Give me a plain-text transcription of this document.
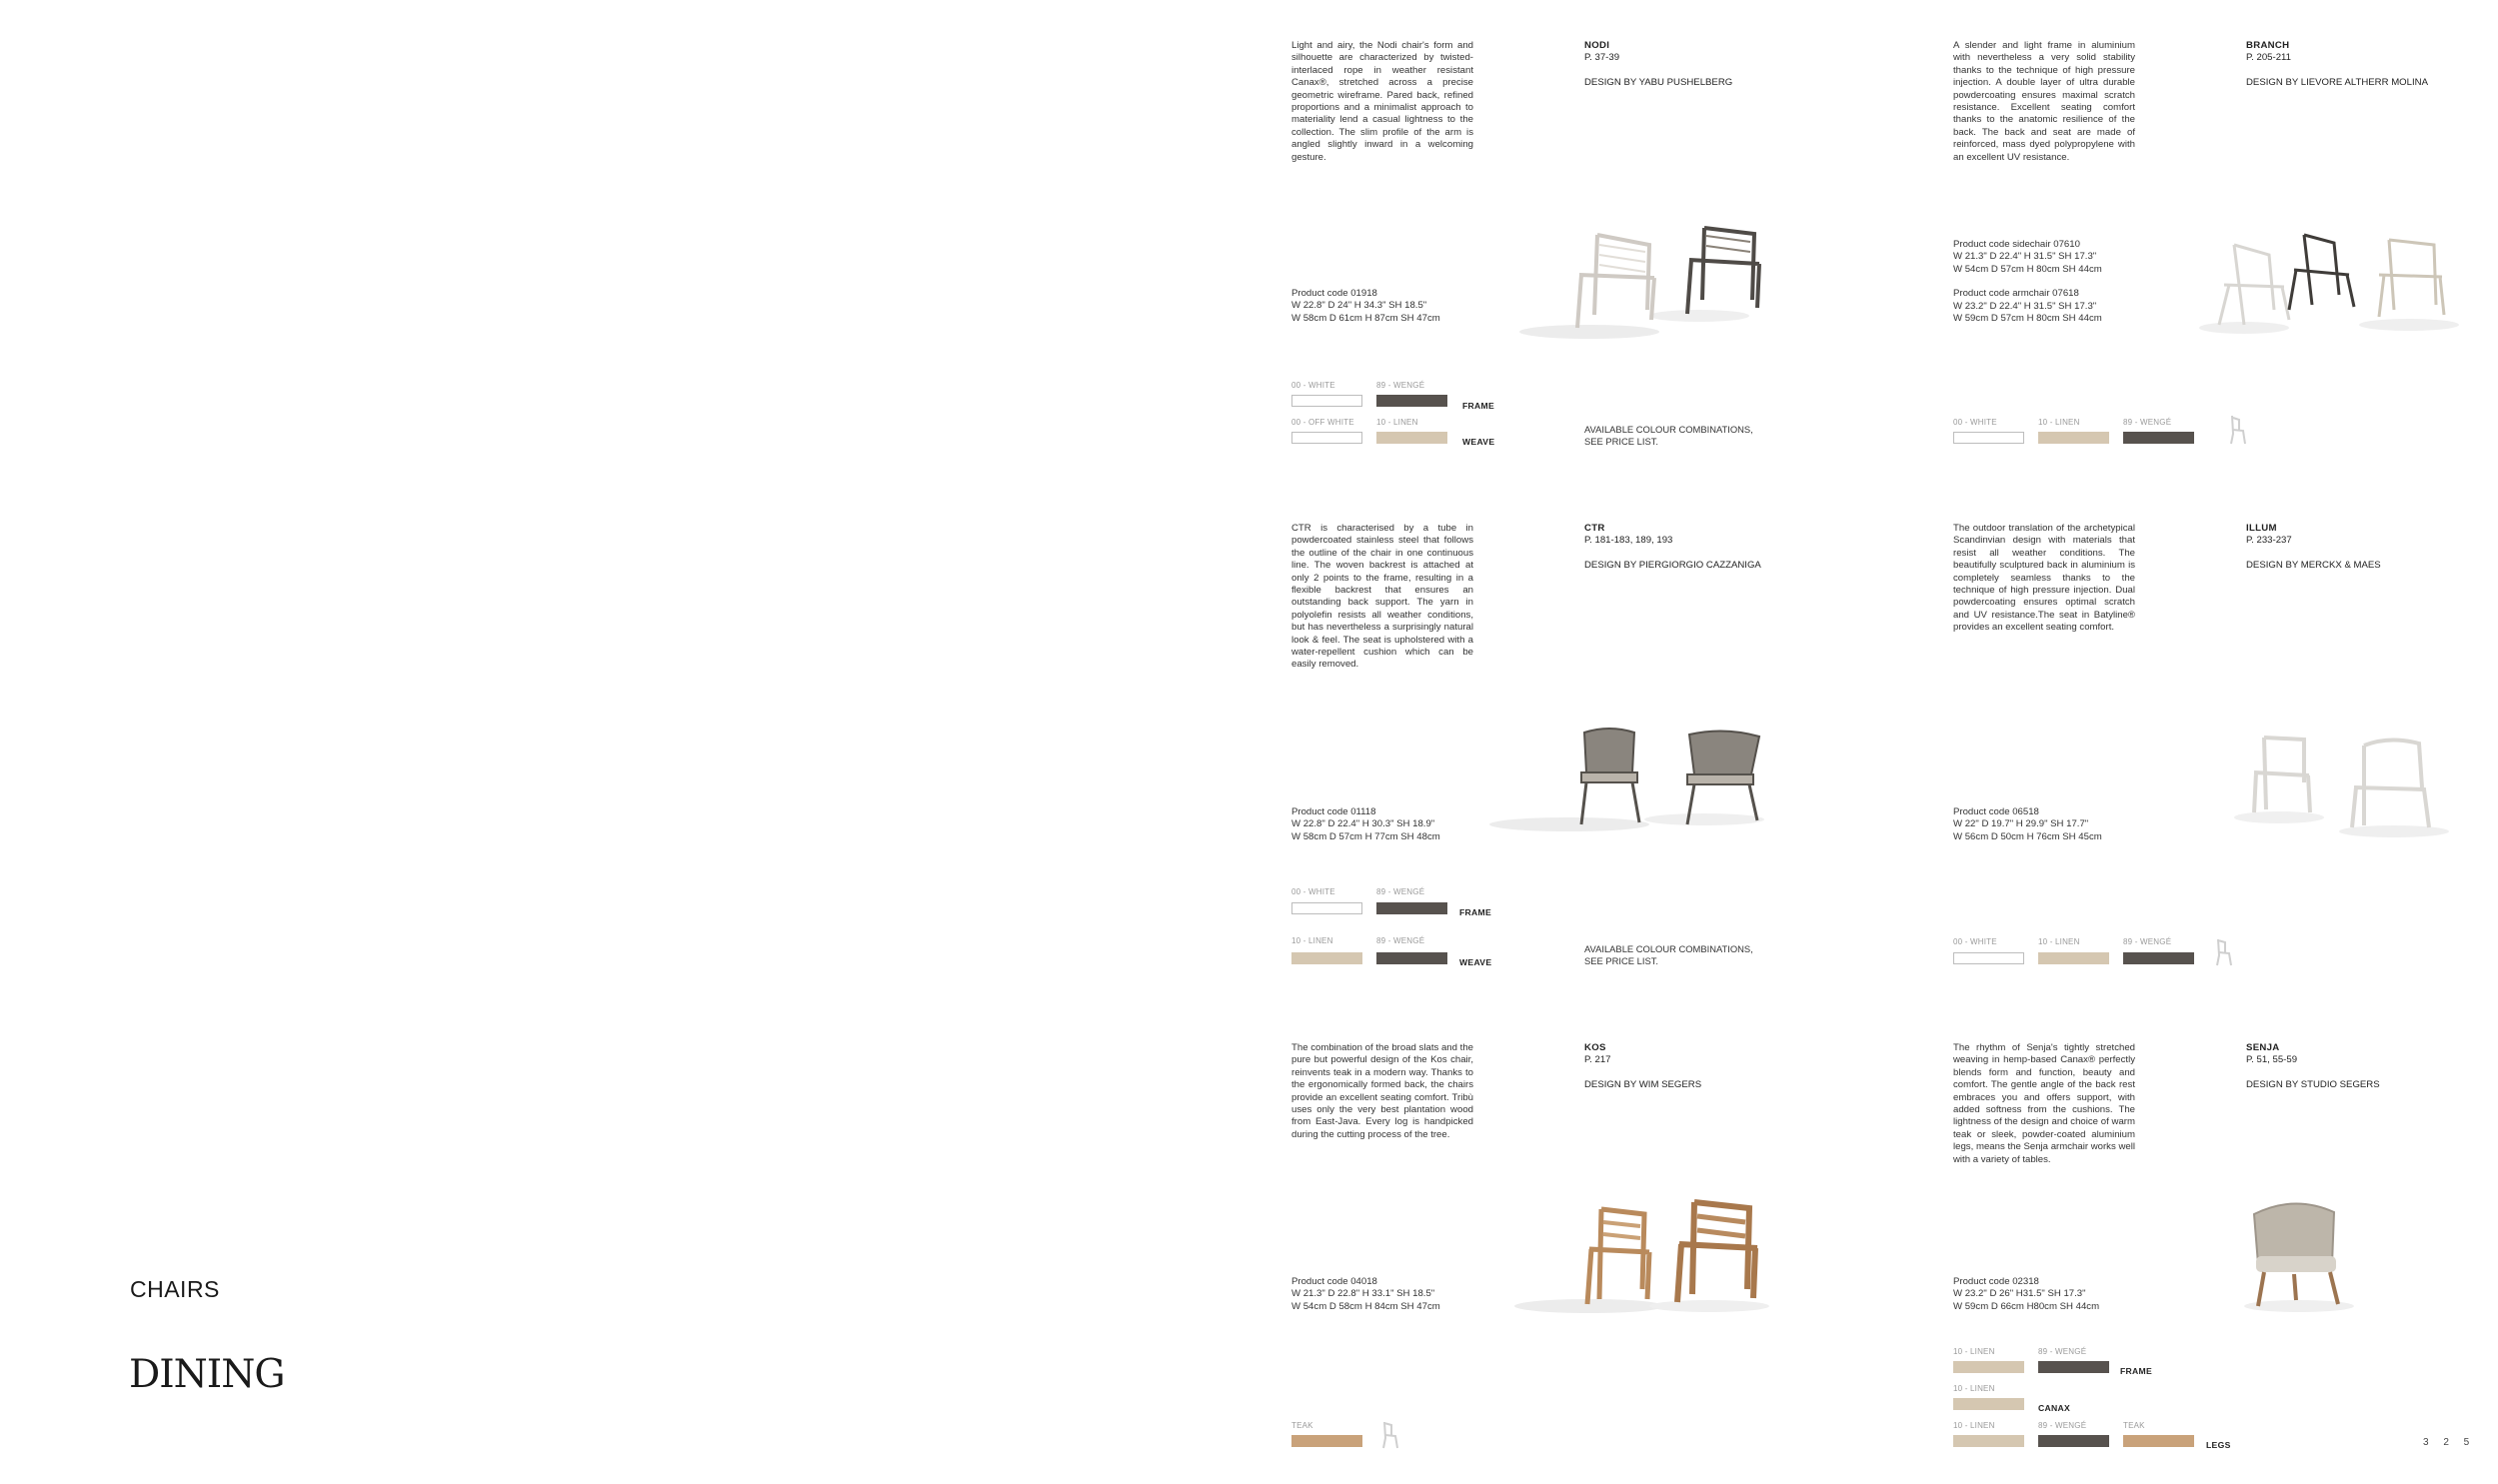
CHAIRS
DINING
Light and airy, the Nodi chair's form and silhouette are characterized by twisted-interlaced rope in weather resistant Canax®, stretched across a precise geometric wireframe. Pared back, refined proportions and a minimalist approach to materiality lend a casual lightness to the collection. The slim profile of the arm is angled slightly inward in a welcoming gesture.
NODI
P. 37-39

DESIGN BY YABU PUSHELBERG
Product code 01918
W 22.8" D 24" H 34.3" SH 18.5"
W 58cm D 61cm H 87cm SH 47cm
00 - WHITE	89 - WENGÉ
FRAME
00 - OFF WHITE	10 - LINEN
WEAVE
AVAILABLE COLOUR COMBINATIONS,
SEE PRICE LIST.
A slender and light frame in aluminium with nevertheless a very solid stability thanks to the technique of high pressure injection. A double layer of ultra durable powdercoating ensures maximal scratch resistance. Excellent seating comfort thanks to the anatomic resilience of the back. The back and seat are made of reinforced, mass dyed polypropylene with an excellent UV resistance.
BRANCH
P. 205-211

DESIGN BY LIEVORE ALTHERR MOLINA
Product code sidechair 07610
W 21.3" D 22.4" H 31.5" SH 17.3"
W 54cm D 57cm H 80cm SH 44cm
Product code armchair 07618
W 23.2" D 22.4" H 31.5" SH 17.3"
W 59cm D 57cm H 80cm SH 44cm
00 - WHITE	10 - LINEN	89 - WENGÉ
CTR is characterised by a tube in powdercoated stainless steel that follows the outline of the chair in one continuous line. The woven backrest is attached at only 2 points to the frame, resulting in a flexible backrest that ensures an outstanding back support. The yarn in polyolefin resists all weather conditions, but has nevertheless a surprisingly natural look & feel. The seat is upholstered with a water-repellent cushion which can be easily removed.
CTR
P. 181-183, 189, 193

DESIGN BY PIERGIORGIO CAZZANIGA
Product code 01118
W 22.8" D 22.4" H 30.3" SH 18.9"
W 58cm D 57cm H 77cm SH 48cm
00 - WHITE	89 - WENGÉ
FRAME
10 - LINEN	89 - WENGÉ
WEAVE
AVAILABLE COLOUR COMBINATIONS,
SEE PRICE LIST.
The outdoor translation of the archetypical Scandinvian design with materials that resist all weather conditions. The beautifully sculptured back in aluminium is completely seamless thanks to the technique of high pressure injection. Dual powdercoating ensures optimal scratch and UV resistance.The seat in Batyline® provides an excellent seating comfort.
ILLUM
P. 233-237

DESIGN BY MERCKX & MAES
Product code 06518
W 22" D 19.7" H 29.9" SH 17.7"
W 56cm D 50cm H 76cm SH 45cm
00 - WHITE	10 - LINEN	89 - WENGÉ
The combination of the broad slats and the pure but powerful design of the Kos chair, reinvents teak in a modern way. Thanks to the ergonomically formed back, the chairs provide an excellent seating comfort. Tribù uses only the very best plantation wood from East-Java. Every log is handpicked during the cutting process of the tree.
KOS
P. 217

DESIGN BY WIM SEGERS
Product code 04018
W 21.3" D 22.8" H 33.1" SH 18.5"
W 54cm D 58cm H 84cm SH 47cm
TEAK
The rhythm of Senja's tightly stretched weaving in hemp-based Canax® perfectly blends form and function, beauty and comfort. The gentle angle of the back rest embraces you and offers support, with added softness from the cushions. The lightness of the design and choice of warm teak or sleek, powder-coated aluminium legs, means the Senja armchair works well with a variety of tables.
SENJA
P. 51, 55-59

DESIGN BY STUDIO SEGERS
Product code 02318
W 23.2" D 26" H31.5" SH 17.3"
W 59cm D 66cm H80cm SH 44cm
10 - LINEN	89 - WENGÉ
FRAME
10 - LINEN
CANAX
10 - LINEN	89 - WENGÉ	TEAK
LEGS	3 2 5
